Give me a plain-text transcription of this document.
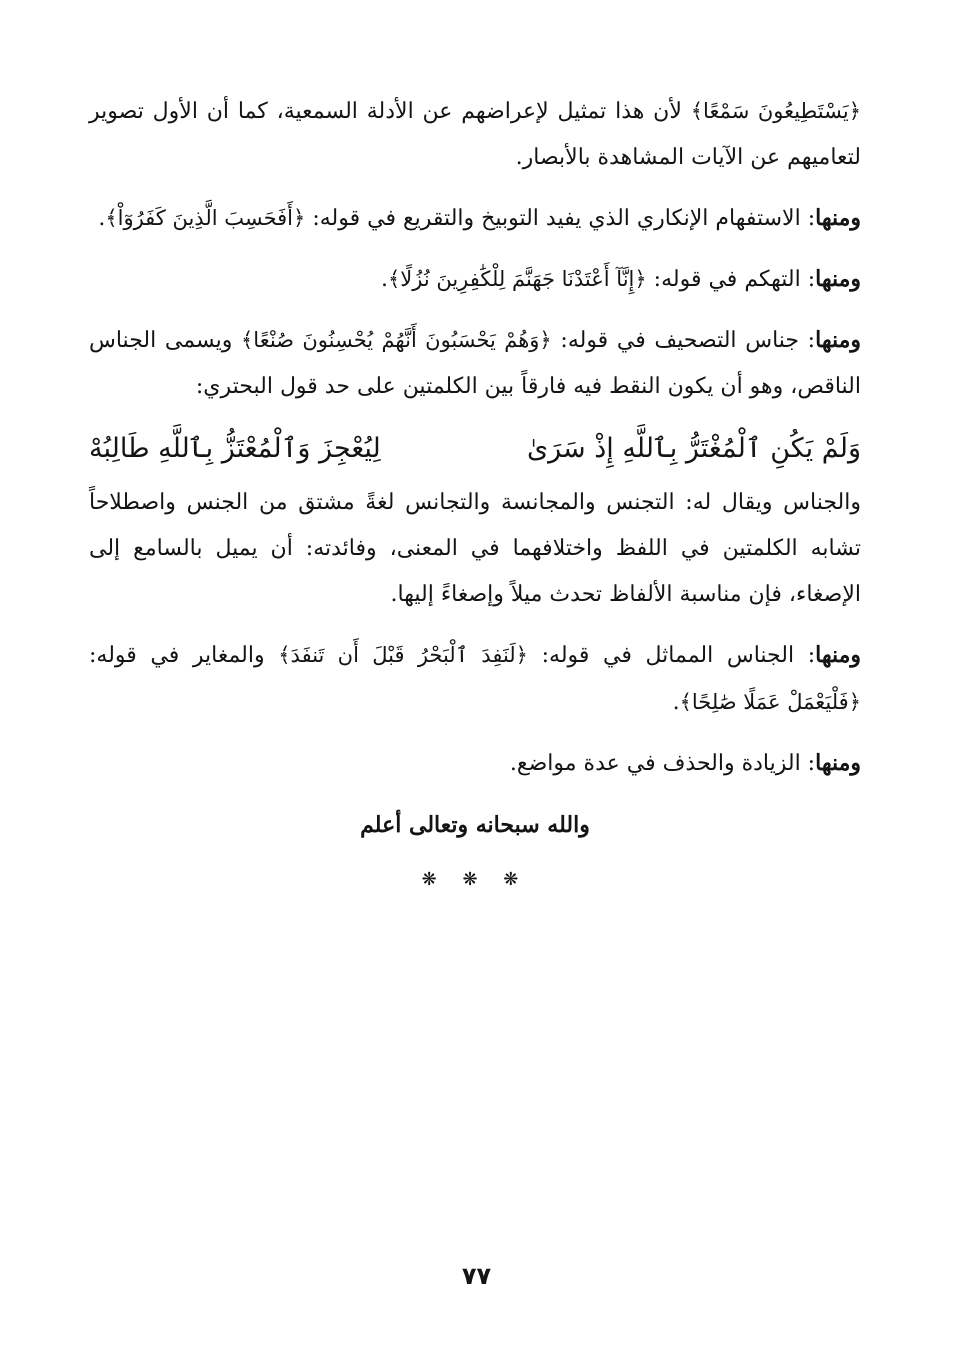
﴿يَسْتَطِيعُونَ سَمْعًا﴾ لأن هذا تمثيل لإعراضهم عن الأدلة السمعية، كما أن الأول تصوير لتعاميهم عن الآيات المشاهدة بالأبصار.

ومنها: الاستفهام الإنكاري الذي يفيد التوبيخ والتقريع في قوله: ﴿أَفَحَسِبَ الَّذِينَ كَفَرُوٓاْ﴾.

ومنها: التهكم في قوله: ﴿إِنَّآ أَعْتَدْنَا جَهَنَّمَ لِلْكَٰفِرِينَ نُزُلًا﴾.

ومنها: جناس التصحيف في قوله: ﴿وَهُمْ يَحْسَبُونَ أَنَّهُمْ يُحْسِنُونَ صُنْعًا﴾ ويسمى الجناس الناقص، وهو أن يكون النقط فيه فارقاً بين الكلمتين على حد قول البحتري:

وَلَمْ يَكُنِ ٱلْمُغْتَرُّ بِٱللَّهِ إِذْ سَرَىٰ
لِيُعْجِزَ وَٱلْمُعْتَزُّ بِٱللَّهِ طَالِبُهْ

والجناس ويقال له: التجنس والمجانسة والتجانس لغةً مشتق من الجنس واصطلاحاً تشابه الكلمتين في اللفظ واختلافهما في المعنى، وفائدته: أن يميل بالسامع إلى الإصغاء، فإن مناسبة الألفاظ تحدث ميلاً وإصغاءً إليها.

ومنها: الجناس المماثل في قوله: ﴿لَنَفِدَ ٱلْبَحْرُ قَبْلَ أَن تَنفَدَ﴾ والمغاير في قوله: ﴿فَلْيَعْمَلْ عَمَلًا صَٰلِحًا﴾.

ومنها: الزيادة والحذف في عدة مواضع.

والله سبحانه وتعالى أعلم
❋ ❋ ❋
٧٧
